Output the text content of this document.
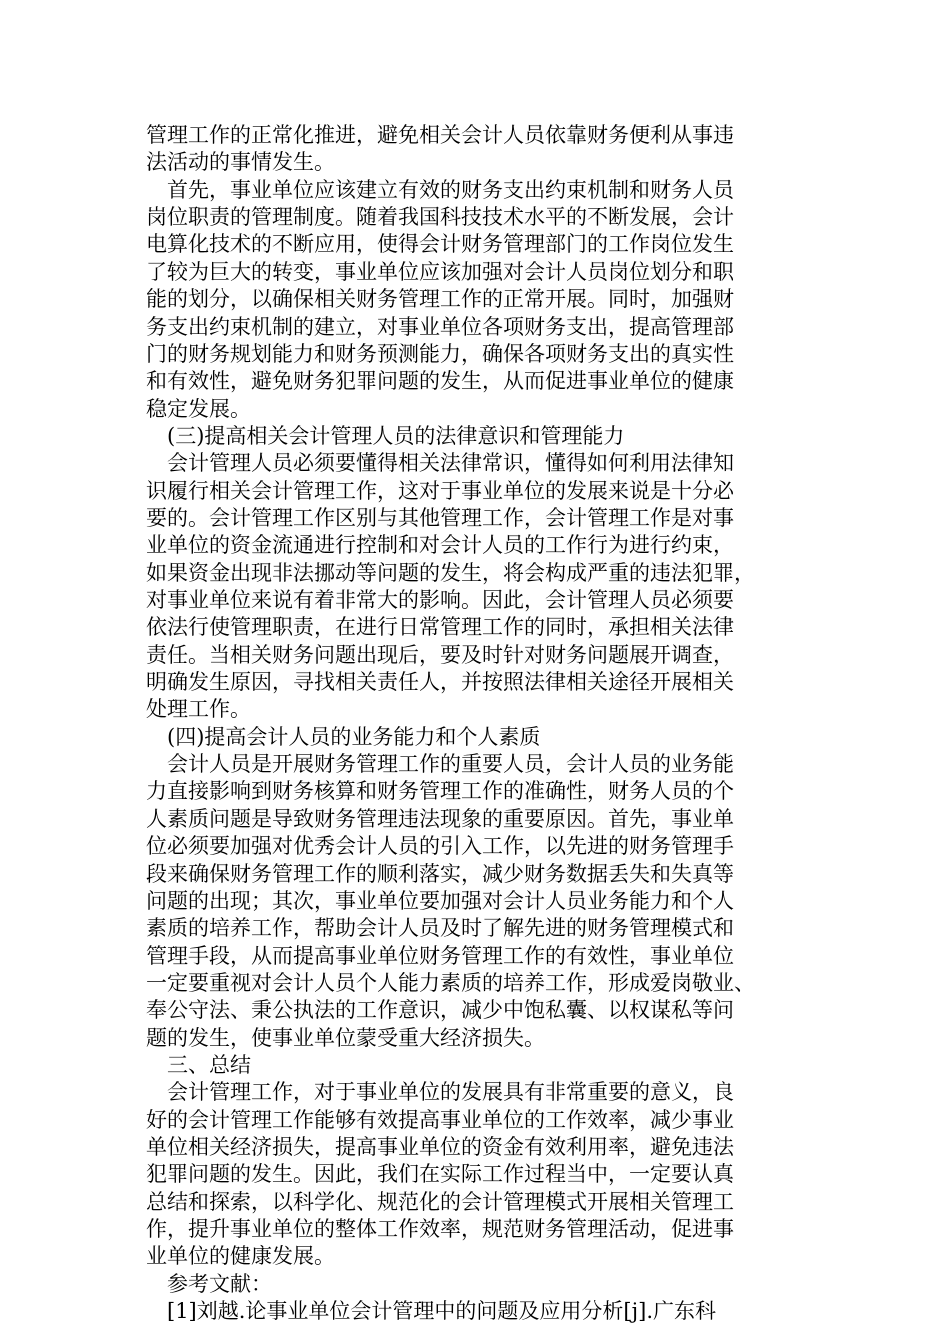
管理工作的正常化推进，避免相关会计人员依靠财务便利从事违
法活动的事情发生。
首先，事业单位应该建立有效的财务支出约束机制和财务人员
岗位职责的管理制度。随着我国科技技术水平的不断发展，会计
电算化技术的不断应用，使得会计财务管理部门的工作岗位发生
了较为巨大的转变，事业单位应该加强对会计人员岗位划分和职
能的划分，以确保相关财务管理工作的正常开展。同时，加强财
务支出约束机制的建立，对事业单位各项财务支出，提高管理部
门的财务规划能力和财务预测能力，确保各项财务支出的真实性
和有效性，避免财务犯罪问题的发生，从而促进事业单位的健康
稳定发展。
(三)提高相关会计管理人员的法律意识和管理能力
会计管理人员必须要懂得相关法律常识，懂得如何利用法律知
识履行相关会计管理工作，这对于事业单位的发展来说是十分必
要的。会计管理工作区别与其他管理工作，会计管理工作是对事
业单位的资金流通进行控制和对会计人员的工作行为进行约束，
如果资金出现非法挪动等问题的发生，将会构成严重的违法犯罪，
对事业单位来说有着非常大的影响。因此，会计管理人员必须要
依法行使管理职责，在进行日常管理工作的同时，承担相关法律
责任。当相关财务问题出现后，要及时针对财务问题展开调查，
明确发生原因，寻找相关责任人，并按照法律相关途径开展相关
处理工作。
(四)提高会计人员的业务能力和个人素质
会计人员是开展财务管理工作的重要人员，会计人员的业务能
力直接影响到财务核算和财务管理工作的准确性，财务人员的个
人素质问题是导致财务管理违法现象的重要原因。首先，事业单
位必须要加强对优秀会计人员的引入工作，以先进的财务管理手
段来确保财务管理工作的顺利落实，减少财务数据丢失和失真等
问题的出现；其次，事业单位要加强对会计人员业务能力和个人
素质的培养工作，帮助会计人员及时了解先进的财务管理模式和
管理手段，从而提高事业单位财务管理工作的有效性，事业单位
一定要重视对会计人员个人能力素质的培养工作，形成爱岗敬业、
奉公守法、秉公执法的工作意识，减少中饱私囊、以权谋私等问
题的发生，使事业单位蒙受重大经济损失。
三、总结
会计管理工作，对于事业单位的发展具有非常重要的意义，良
好的会计管理工作能够有效提高事业单位的工作效率，减少事业
单位相关经济损失，提高事业单位的资金有效利用率，避免违法
犯罪问题的发生。因此，我们在实际工作过程当中，一定要认真
总结和探索，以科学化、规范化的会计管理模式开展相关管理工
作，提升事业单位的整体工作效率，规范财务管理活动，促进事
业单位的健康发展。
参考文献：
[1]刘越.论事业单位会计管理中的问题及应用分析[j].广东科
